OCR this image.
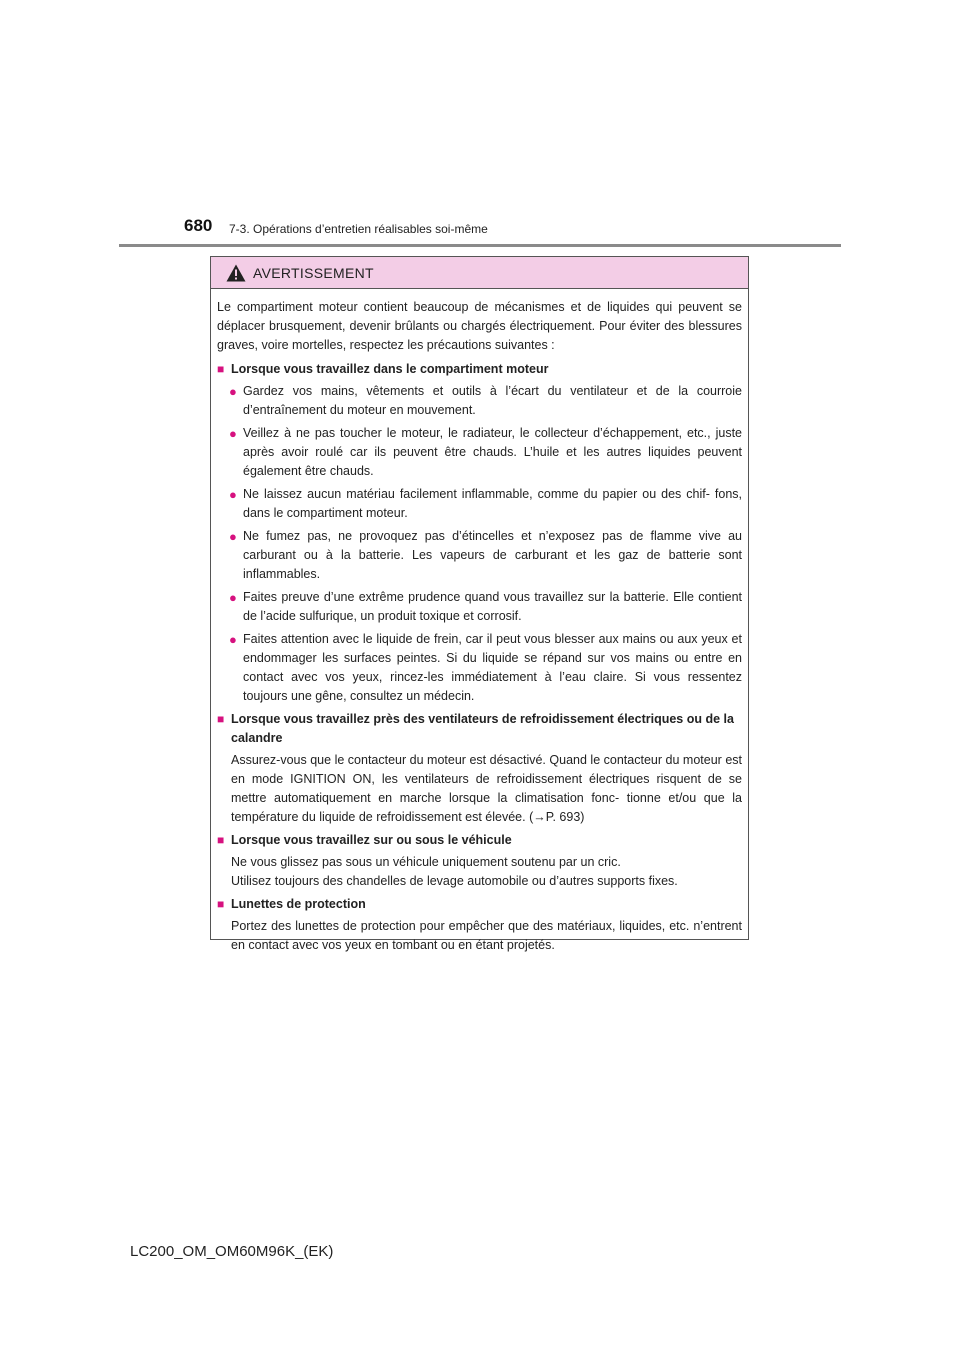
680 7-3. Opérations d’entretien réalisables soi-même
AVERTISSEMENT

Le compartiment moteur contient beaucoup de mécanismes et de liquides qui peuvent se déplacer brusquement, devenir brûlants ou chargés électriquement. Pour éviter des blessures graves, voire mortelles, respectez les précautions suivantes :

■ Lorsque vous travaillez dans le compartiment moteur
● Gardez vos mains, vêtements et outils à l’écart du ventilateur et de la courroie d’entraînement du moteur en mouvement.
● Veillez à ne pas toucher le moteur, le radiateur, le collecteur d’échappement, etc., juste après avoir roulé car ils peuvent être chauds. L’huile et les autres liquides peuvent également être chauds.
● Ne laissez aucun matériau facilement inflammable, comme du papier ou des chif- fons, dans le compartiment moteur.
● Ne fumez pas, ne provoquez pas d’étincelles et n’exposez pas de flamme vive au carburant ou à la batterie. Les vapeurs de carburant et les gaz de batterie sont inflammables.
● Faites preuve d’une extrême prudence quand vous travaillez sur la batterie. Elle contient de l’acide sulfurique, un produit toxique et corrosif.
● Faites attention avec le liquide de frein, car il peut vous blesser aux mains ou aux yeux et endommager les surfaces peintes. Si du liquide se répand sur vos mains ou entre en contact avec vos yeux, rincez-les immédiatement à l’eau claire. Si vous ressentez toujours une gêne, consultez un médecin.
■ Lorsque vous travaillez près des ventilateurs de refroidissement électriques ou de la calandre

Assurez-vous que le contacteur du moteur est désactivé. Quand le contacteur du moteur est en mode IGNITION ON, les ventilateurs de refroidissement électriques risquent de se mettre automatiquement en marche lorsque la climatisation fonc- tionne et/ou que la température du liquide de refroidissement est élevée. (→P. 693)

■ Lorsque vous travaillez sur ou sous le véhicule

Ne vous glissez pas sous un véhicule uniquement soutenu par un cric.

Utilisez toujours des chandelles de levage automobile ou d’autres supports fixes.

■ Lunettes de protection

Portez des lunettes de protection pour empêcher que des matériaux, liquides, etc. n’entrent en contact avec vos yeux en tombant ou en étant projetés.

LC200_OM_OM60M96K_(EK)
